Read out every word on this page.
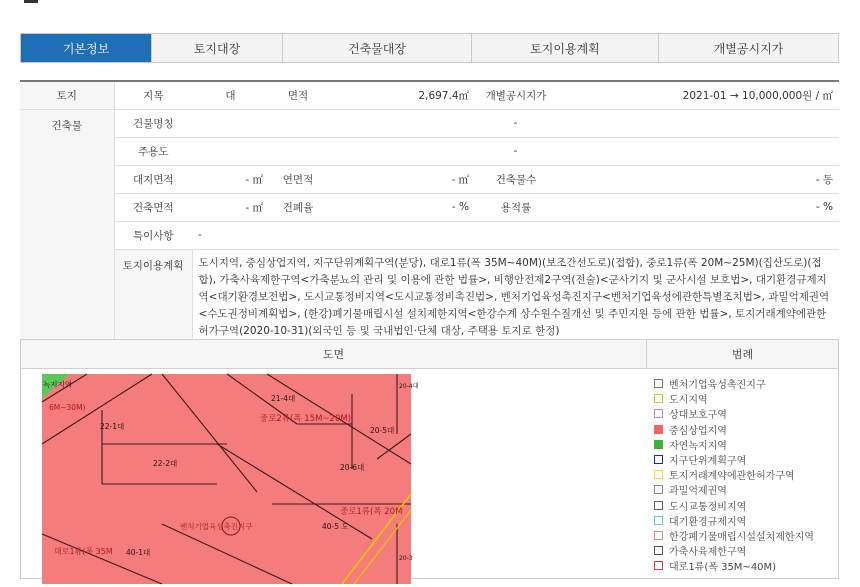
기본정보	토지대장	건축물대장	토지이용계획	개별공시지가
토지	지목	대	면적	2,697.4㎡	개별공시지가	2021-01 → 10,000,000원 / ㎡
건축물	건물명칭	-				
	주용도	-				
	대지면적	- ㎡	연면적	- ㎡	건축물수	- 동
	건축면적	- ㎡	건폐율	- %	용적률	- %
	특이사항	-				
	토지이용계획	도시지역, 중심상업지역, 지구단위계획구역(분당), 대로1류(폭 35M~40M)(보조간선도로)(접합), 중로1류(폭 20M~25M)(집산도로)(접합), 가축사육제한구역<가축분뇨의 관리 및 이용에 관한 법률>, 비행안전제2구역(전술)<군사기지 및 군사시설 보호법>, 대기환경규제지역<대기환경보전법>, 도시교통정비지역<도시교통정비촉진법>, 벤처기업육성촉진지구<벤처기업육성에관한특별조치법>, 과밀억제권역<수도권정비계획법>, (한강)폐기물매립시설 설치제한지역<한강수계 상수원수질개선 및 주민지원 등에 관한 법률>, 토지거래계약에관한허가구역(2020-10-31)(외국인 등 및 국내법인·단체 대상, 주택용 토지로 한정)				
도면	범례
녹지지역
6M~30M)
22-1대
21-4대
중로2류(폭 15M~20M)
20-5대
22-2대	20-6대
중로1류(폭 20M
벤처기업육성촉진지구	40-5 도
대로1류(폭 35M 40-1대
20-4대
20-3
벤처기업육성촉진지구
도시지역
상대보호구역
중심상업지역
자연녹지지역
지구단위계획구역
토지거래계약에관한허가구역
과밀억제권역
도시교통정비지역
대기환경규제지역
한강폐기물매립시설설치제한지역
가축사육제한구역
대로1류(폭 35M~40M)
